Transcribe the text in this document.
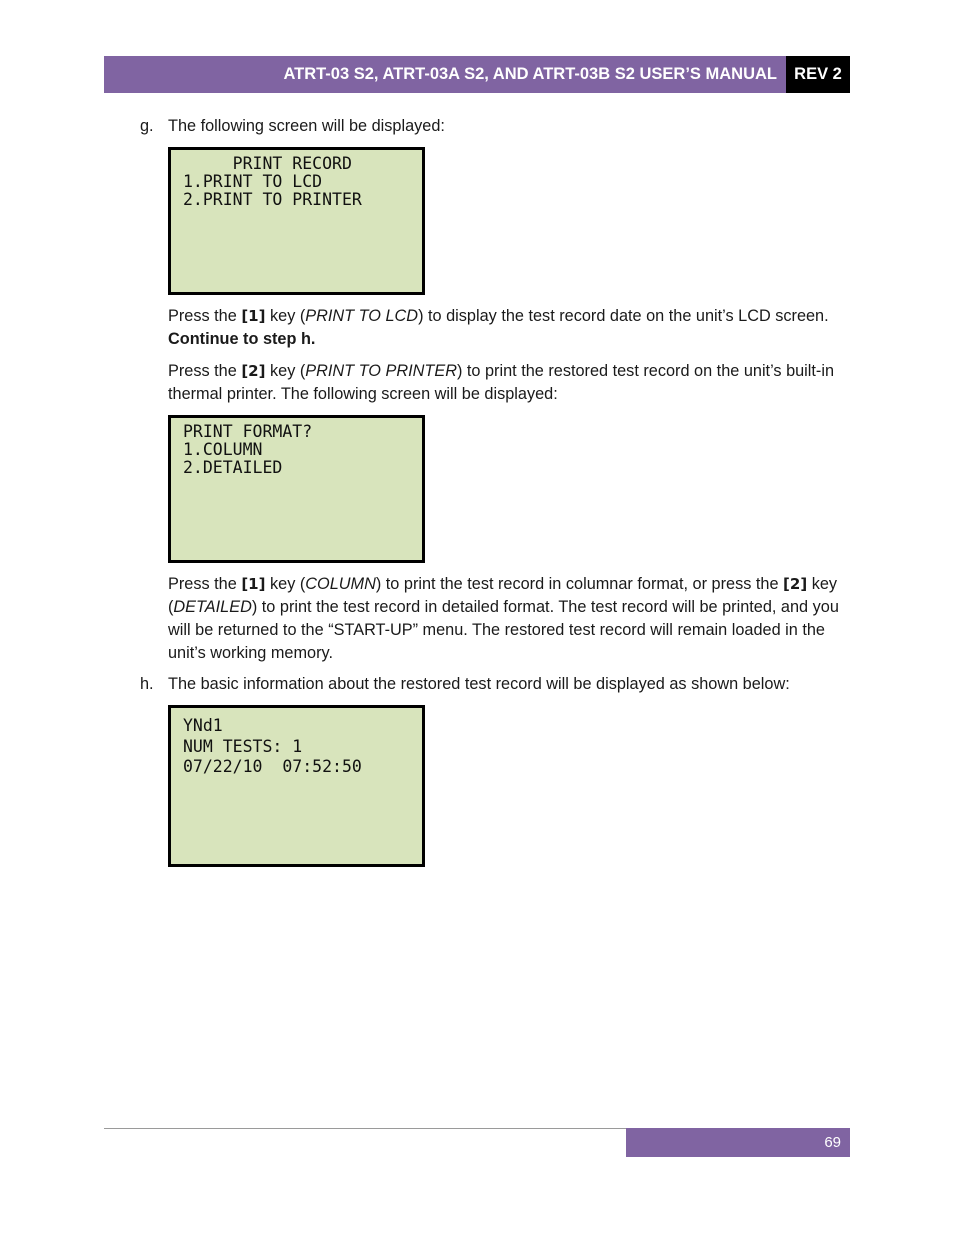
ATRT-03 S2, ATRT-03A S2, AND ATRT-03B S2 USER’S MANUAL	REV 2
g. The following screen will be displayed:
PRINT RECORD
1.PRINT TO LCD
2.PRINT TO PRINTER
Press the [1] key (PRINT TO LCD) to display the test record date on the unit’s LCD screen. Continue to step h.
Press the [2] key (PRINT TO PRINTER) to print the restored test record on the unit’s built-in thermal printer. The following screen will be displayed:
PRINT FORMAT?
1.COLUMN
2.DETAILED
Press the [1] key (COLUMN) to print the test record in columnar format, or press the [2] key (DETAILED) to print the test record in detailed format. The test record will be printed, and you will be returned to the “START-UP” menu. The restored test record will remain loaded in the unit’s working memory.
h. The basic information about the restored test record will be displayed as shown below:
YNd1
NUM TESTS: 1
07/22/10  07:52:50
69
